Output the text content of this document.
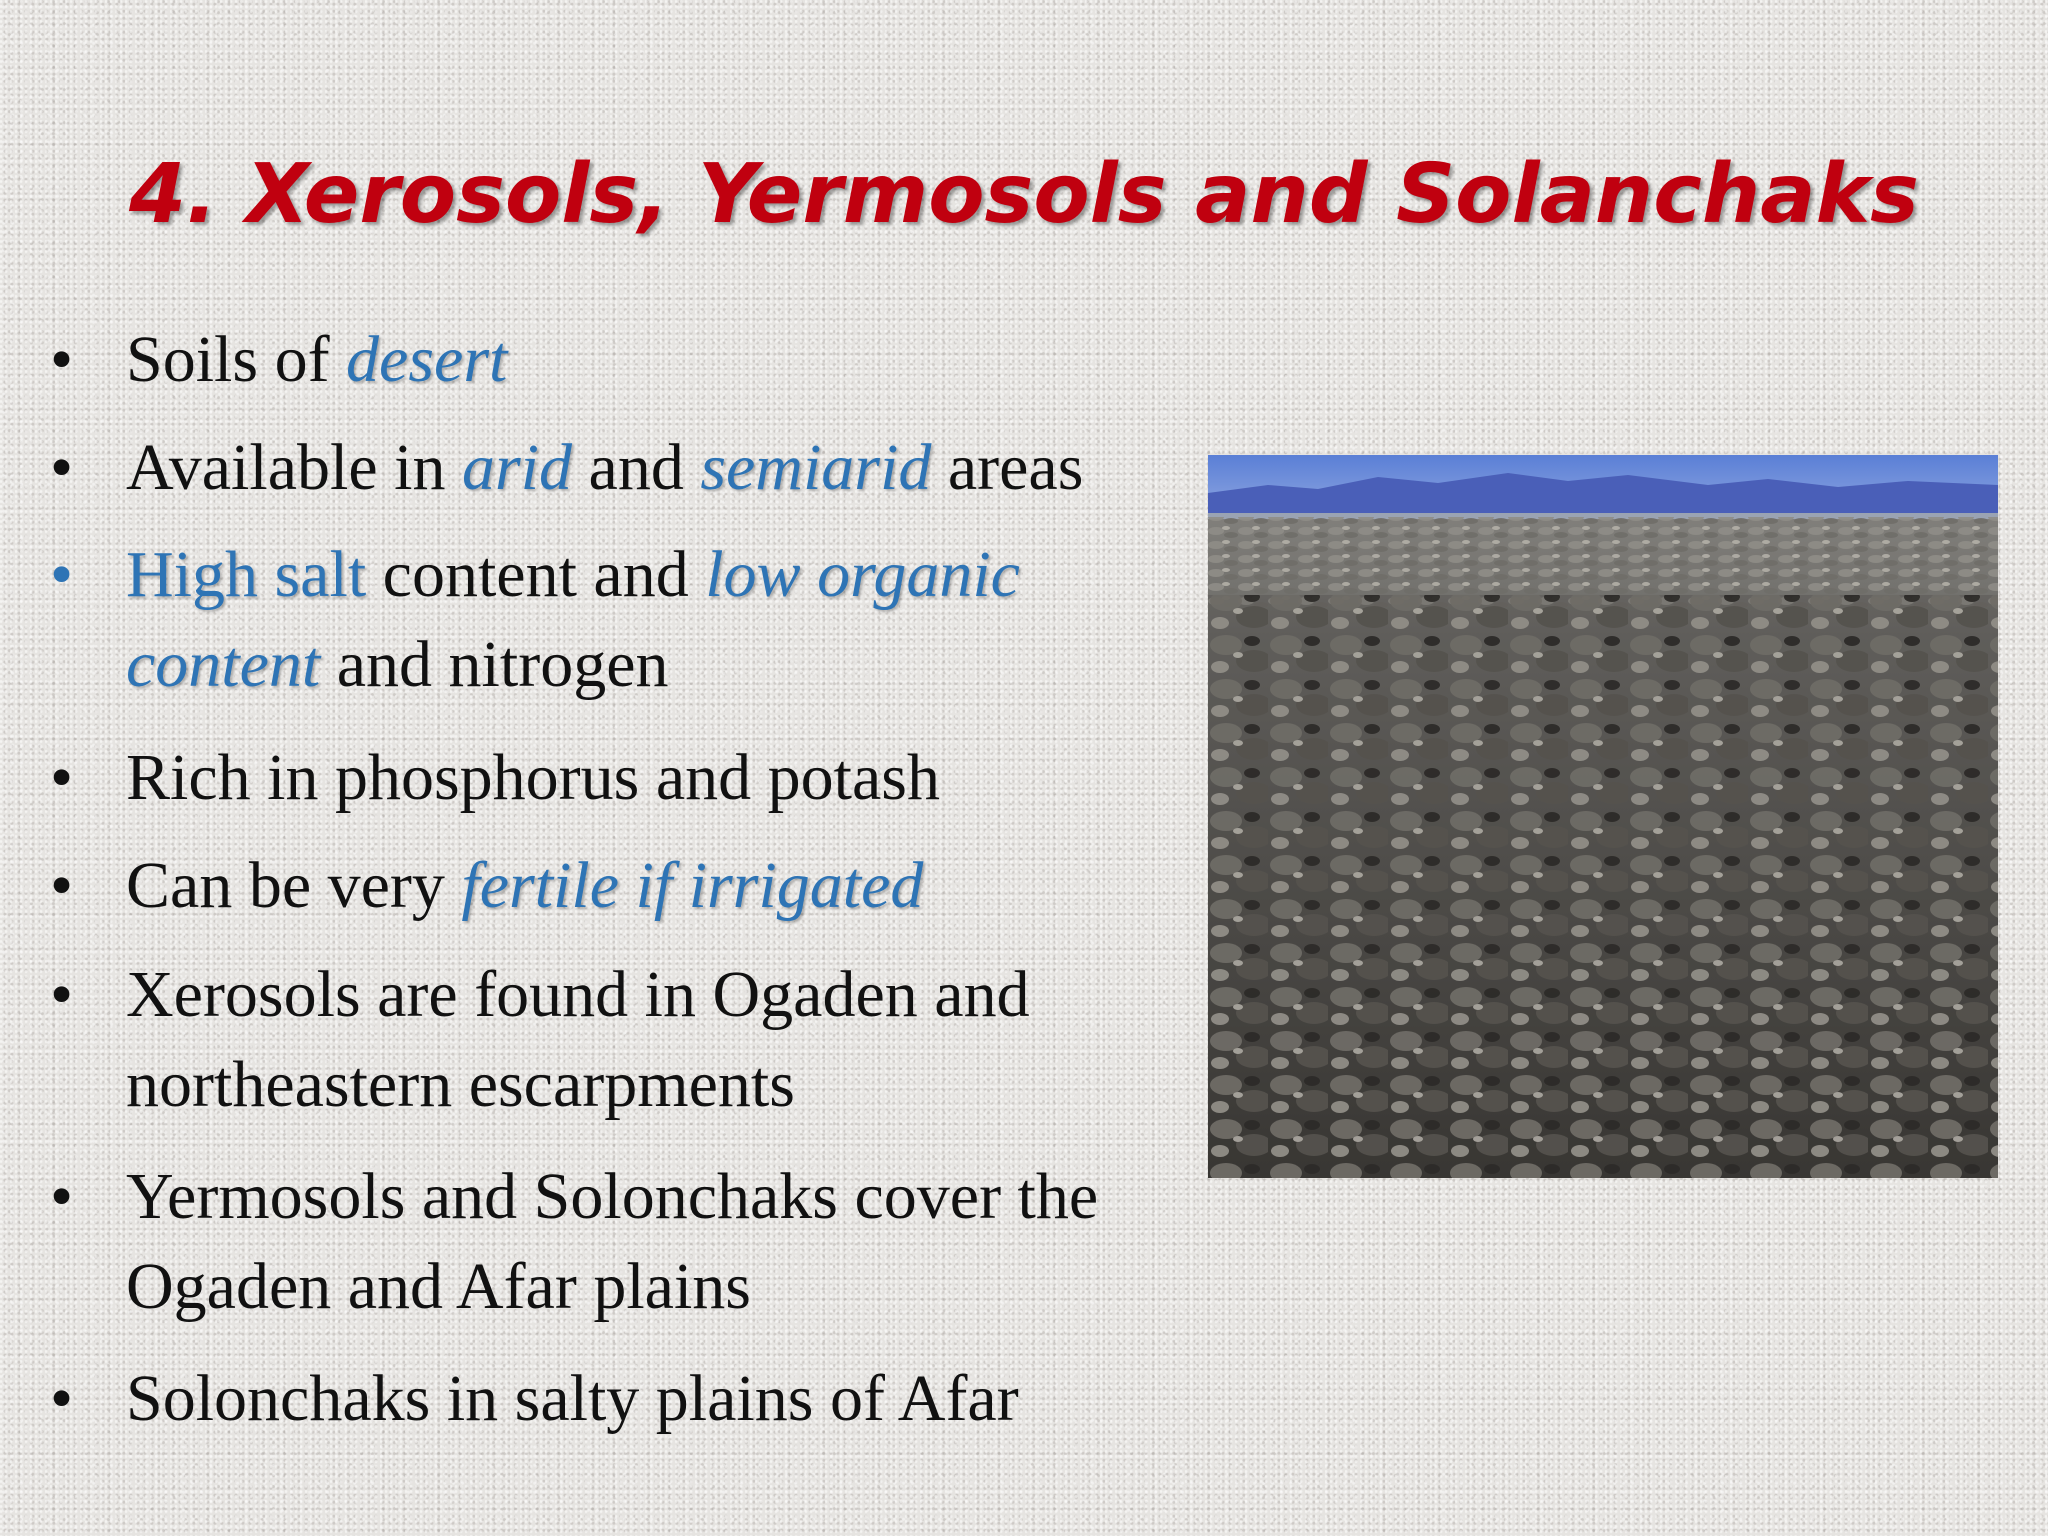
4. Xerosols, Yermosols and Solanchaks
• Soils of desert
• Available in arid and semiarid areas
• High salt content and low organic content and nitrogen
• Rich in phosphorus and potash
• Can be very fertile if irrigated
• Xerosols are found in Ogaden and northeastern escarpments
• Yermosols and Solonchaks cover the Ogaden and Afar plains
• Solonchaks in salty plains of Afar
